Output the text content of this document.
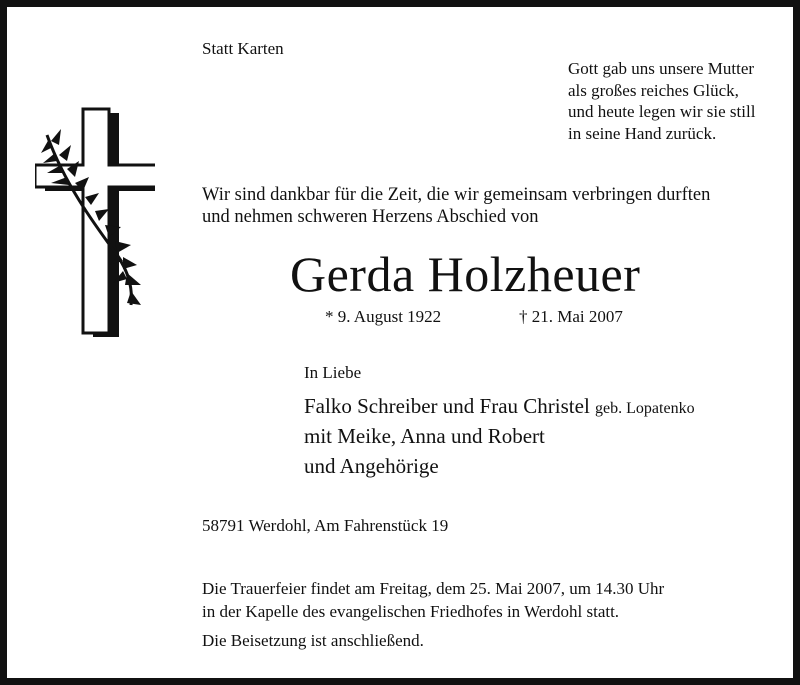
Statt Karten
Gott gab uns unsere Mutter
als großes reiches Glück,
und heute legen wir sie still
in seine Hand zurück.
Wir sind dankbar für die Zeit, die wir gemeinsam verbringen durften
und nehmen schweren Herzens Abschied von
Gerda Holzheuer
* 9. August 1922	† 21. Mai 2007
In Liebe
Falko Schreiber und Frau Christel geb. Lopatenko
mit Meike, Anna und Robert
und Angehörige
58791 Werdohl, Am Fahrenstück 19
Die Trauerfeier findet am Freitag, dem 25. Mai 2007, um 14.30 Uhr
in der Kapelle des evangelischen Friedhofes in Werdohl statt.
Die Beisetzung ist anschließend.
